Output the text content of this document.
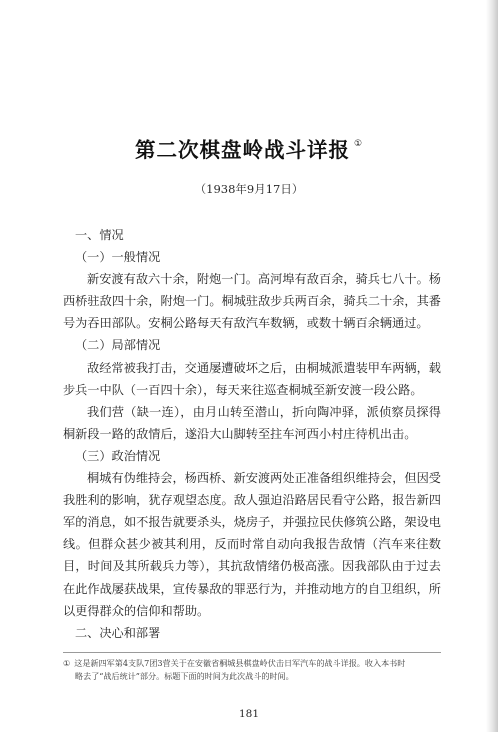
第二次棋盘岭战斗详报 ①
（1938年9月17日）
一、情况
（一）一般情况

新安渡有敌六十余，附炮一门。高河埠有敌百余，骑兵七八十。杨西桥驻敌四十余，附炮一门。桐城驻敌步兵两百余，骑兵二十余，其番号为吞田部队。安桐公路每天有敌汽车数辆，或数十辆百余辆通过。

（二）局部情况

敌经常被我打击，交通屡遭破坏之后，由桐城派遣装甲车两辆，载步兵一中队（一百四十余），每天来往巡查桐城至新安渡一段公路。

我们营（缺一连），由月山转至潜山，折向陶冲驿，派侦察员探得桐新段一路的敌情后，遂沿大山脚转至拄车河西小村庄待机出击。

（三）政治情况

桐城有伪维持会，杨西桥、新安渡两处正准备组织维持会，但因受我胜利的影响，犹存观望态度。敌人强迫沿路居民看守公路，报告新四军的消息，如不报告就要杀头，烧房子，并强拉民伕修筑公路，架设电线。但群众甚少被其利用，反而时常自动向我报告敌情（汽车来往数目，时间及其所载兵力等），其抗敌情绪仍极高涨。因我部队由于过去在此作战屡获战果，宣传暴敌的罪恶行为，并推动地方的自卫组织，所以更得群众的信仰和帮助。

二、决心和部署
① 这是新四军第4支队7团3营关于在安徽省桐城县棋盘岭伏击日军汽车的战斗详报。收入本书时
略去了“战后统计”部分。标题下面的时间为此次战斗的时间。
181
